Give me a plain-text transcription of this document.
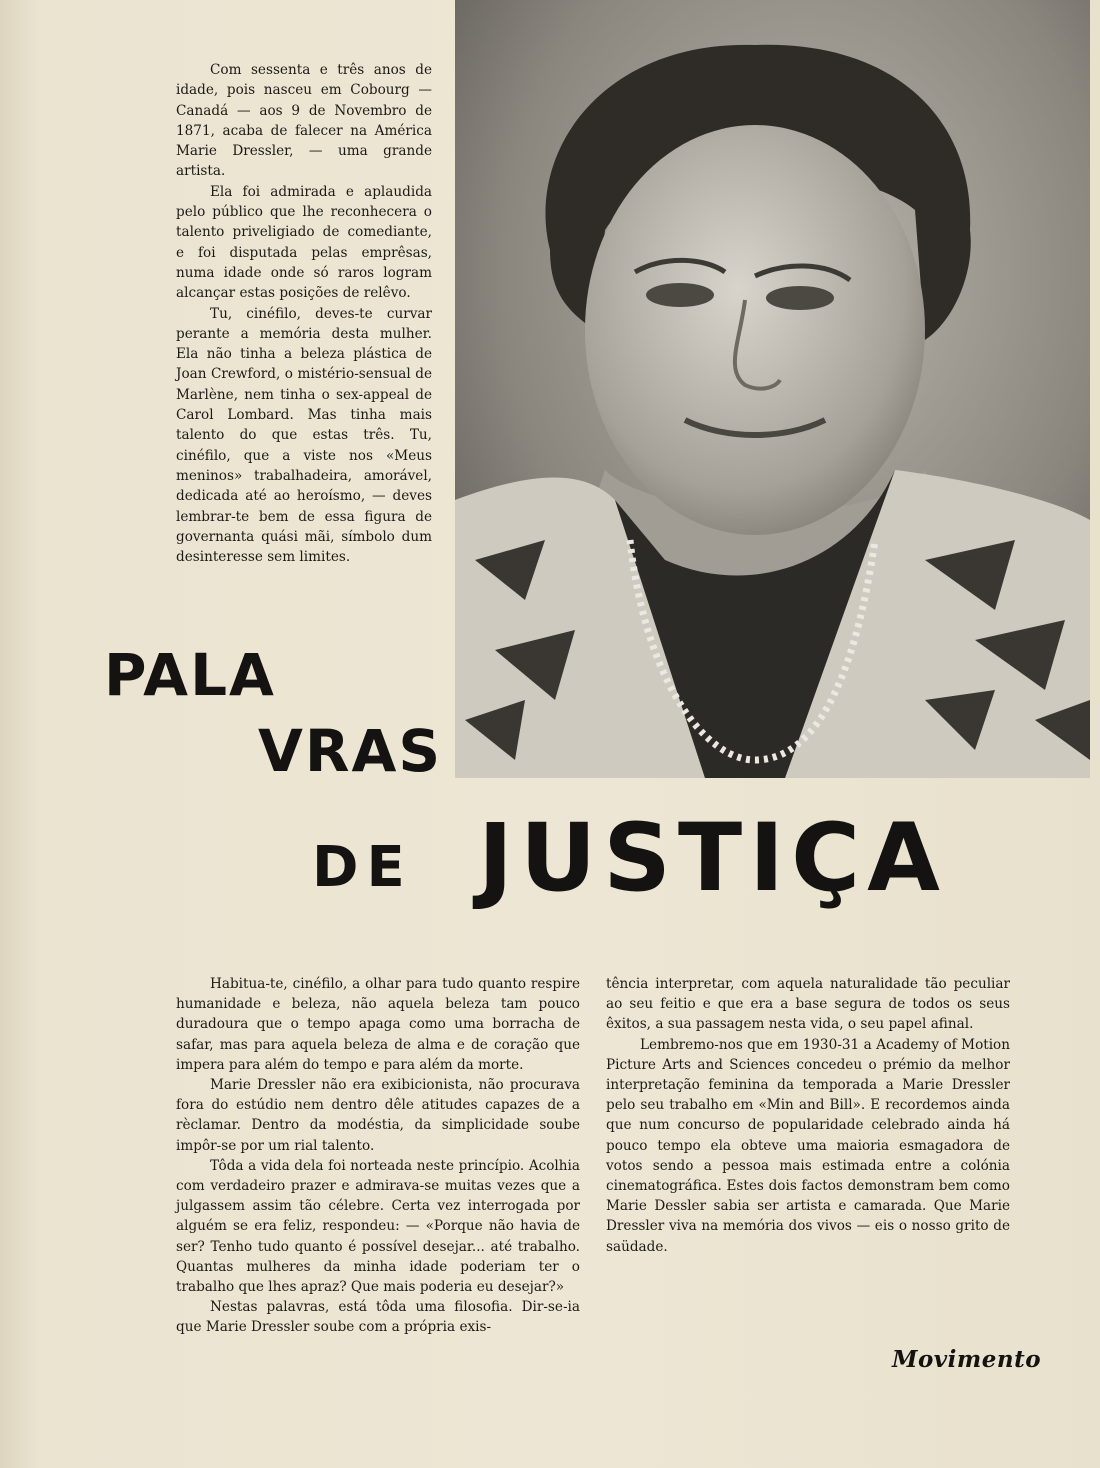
Com sessenta e três anos de idade, pois nasceu em Cobourg — Canadá — aos 9 de Novembro de 1871, acaba de falecer na América Marie Dressler, — uma grande artista.

Ela foi admirada e aplaudida pelo público que lhe reconhecera o talento priveligiado de comediante, e foi disputada pelas emprêsas, numa idade onde só raros logram alcançar estas posições de relêvo.

Tu, cinéfilo, deves-te curvar perante a memória desta mulher. Ela não tinha a beleza plástica de Joan Crewford, o mistério-sensual de Marlène, nem tinha o sex-appeal de Carol Lombard. Mas tinha mais talento do que estas três. Tu, cinéfilo, que a viste nos «Meus meninos» trabalhadeira, amorável, dedicada até ao heroísmo, — deves lembrar-te bem de essa figura de governanta quási mãi, símbolo dum desinteresse sem limites.

PALA
VRAS
DE JUSTIÇA

Habitua-te, cinéfilo, a olhar para tudo quanto respire humanidade e beleza, não aquela beleza tam pouco duradoura que o tempo apaga como uma borracha de safar, mas para aquela beleza de alma e de coração que impera para além do tempo e para além da morte.

Marie Dressler não era exibicionista, não procurava fora do estúdio nem dentro dêle atitudes capazes de a rèclamar. Dentro da modéstia, da simplicidade soube impôr-se por um rial talento.

Tôda a vida dela foi norteada neste princípio. Acolhia com verdadeiro prazer e admirava-se muitas vezes que a julgassem assim tão célebre. Certa vez interrogada por alguém se era feliz, respondeu: — «Porque não havia de ser? Tenho tudo quanto é possível desejar... até trabalho. Quantas mulheres da minha idade poderiam ter o trabalho que lhes apraz? Que mais poderia eu desejar?»

Nestas palavras, está tôda uma filosofia. Dir-se-ia que Marie Dressler soube com a própria exis-

tência interpretar, com aquela naturalidade tão peculiar ao seu feitio e que era a base segura de todos os seus êxitos, a sua passagem nesta vida, o seu papel afinal.

Lembremo-nos que em 1930-31 a Academy of Motion Picture Arts and Sciences concedeu o prémio da melhor interpretação feminina da temporada a Marie Dressler pelo seu trabalho em «Min and Bill». E recordemos ainda que num concurso de popularidade celebrado ainda há pouco tempo ela obteve uma maioria esmagadora de votos sendo a pessoa mais estimada entre a colónia cinematográfica. Estes dois factos demonstram bem como Marie Dessler sabia ser artista e camarada. Que Marie Dressler viva na memória dos vivos — eis o nosso grito de saüdade.

Movimento
